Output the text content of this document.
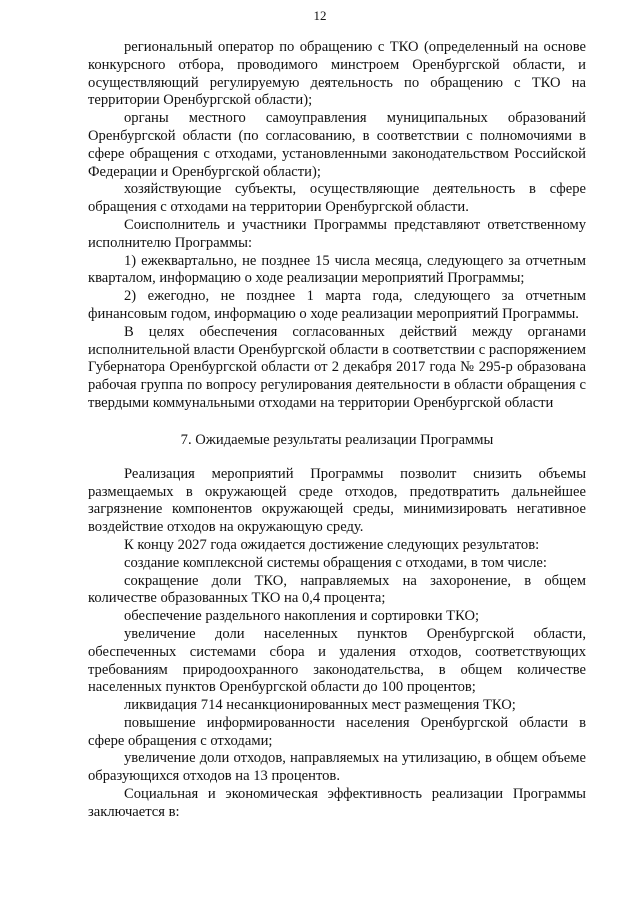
12

региональный оператор по обращению с ТКО (определенный на основе конкурсного отбора, проводимого минстроем Оренбургской области, и осуществляющий регулируемую деятельность по обращению с ТКО на территории Оренбургской области);

органы местного самоуправления муниципальных образований Оренбургской области (по согласованию, в соответствии с полномочиями в сфере обращения с отходами, установленными законодательством Российской Федерации и Оренбургской области);

хозяйствующие субъекты, осуществляющие деятельность в сфере обращения с отходами на территории Оренбургской области.

Соисполнитель и участники Программы представляют ответственному исполнителю Программы:

1) ежеквартально, не позднее 15 числа месяца, следующего за отчетным кварталом, информацию о ходе реализации мероприятий Программы;

2) ежегодно, не позднее 1 марта года, следующего за отчетным финансовым годом, информацию о ходе реализации мероприятий Программы.

В целях обеспечения согласованных действий между органами исполнительной власти Оренбургской области в соответствии с распоряжением Губернатора Оренбургской области от 2 декабря 2017 года № 295-р образована рабочая группа по вопросу регулирования деятельности в области обращения с твердыми коммунальными отходами на территории Оренбургской области

7. Ожидаемые результаты реализации Программы

Реализация мероприятий Программы позволит снизить объемы размещаемых в окружающей среде отходов, предотвратить дальнейшее загрязнение компонентов окружающей среды, минимизировать негативное воздействие отходов на окружающую среду.

К концу 2027 года ожидается достижение следующих результатов:

создание комплексной системы обращения с отходами, в том числе:

сокращение доли ТКО, направляемых на захоронение, в общем количестве образованных ТКО на 0,4 процента;

обеспечение раздельного накопления и сортировки ТКО;

увеличение доли населенных пунктов Оренбургской области, обеспеченных системами сбора и удаления отходов, соответствующих требованиям природоохранного законодательства, в общем количестве населенных пунктов Оренбургской области до 100 процентов;

ликвидация 714 несанкционированных мест размещения ТКО;

повышение информированности населения Оренбургской области в сфере обращения с отходами;

увеличение доли отходов, направляемых на утилизацию, в общем объеме образующихся отходов на 13 процентов.

Социальная и экономическая эффективность реализации Программы заключается в:
